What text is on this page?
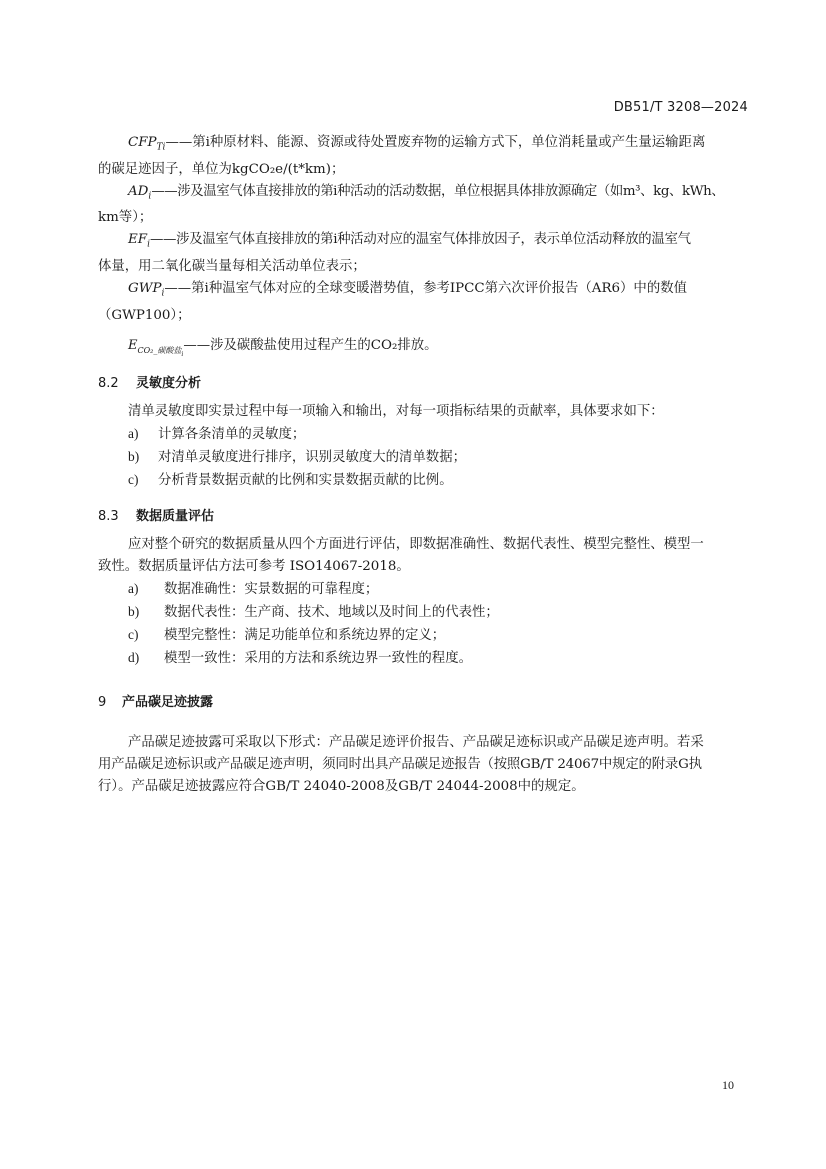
DB51/T 3208—2024

$CFP_{Ti}——$第i种原材料、能源、资源或待处置废弃物的运输方式下，单位消耗量或产生量运输距离

的碳足迹因子，单位为kgCO₂e/(t*km)；

$AD_i——$涉及温室气体直接排放的第i种活动的活动数据，单位根据具体排放源确定（如m³、kg、kWh、

km等）；

$EF_i——$涉及温室气体直接排放的第i种活动对应的温室气体排放因子，表示单位活动释放的温室气

体量，用二氧化碳当量每相关活动单位表示；

$GWP_i——$第i种温室气体对应的全球变暖潜势值，参考IPCC第六次评价报告（AR6）中的数值

（GWP100）；

$E_{CO_2\_碳酸盐i}——$涉及碳酸盐使用过程产生的CO₂排放。

8.2 灵敏度分析

清单灵敏度即实景过程中每一项输入和输出，对每一项指标结果的贡献率，具体要求如下：

a) 计算各条清单的灵敏度；

b) 对清单灵敏度进行排序，识别灵敏度大的清单数据；

c) 分析背景数据贡献的比例和实景数据贡献的比例。

8.3 数据质量评估

应对整个研究的数据质量从四个方面进行评估，即数据准确性、数据代表性、模型完整性、模型一

致性。数据质量评估方法可参考 ISO14067-2018。

a) 数据准确性：实景数据的可靠程度；

b) 数据代表性：生产商、技术、地域以及时间上的代表性；

c) 模型完整性：满足功能单位和系统边界的定义；

d) 模型一致性：采用的方法和系统边界一致性的程度。

9 产品碳足迹披露

产品碳足迹披露可采取以下形式：产品碳足迹评价报告、产品碳足迹标识或产品碳足迹声明。若采

用产品碳足迹标识或产品碳足迹声明，须同时出具产品碳足迹报告（按照GB/T 24067中规定的附录G执

行）。产品碳足迹披露应符合GB/T 24040-2008及GB/T 24044-2008中的规定。

10
